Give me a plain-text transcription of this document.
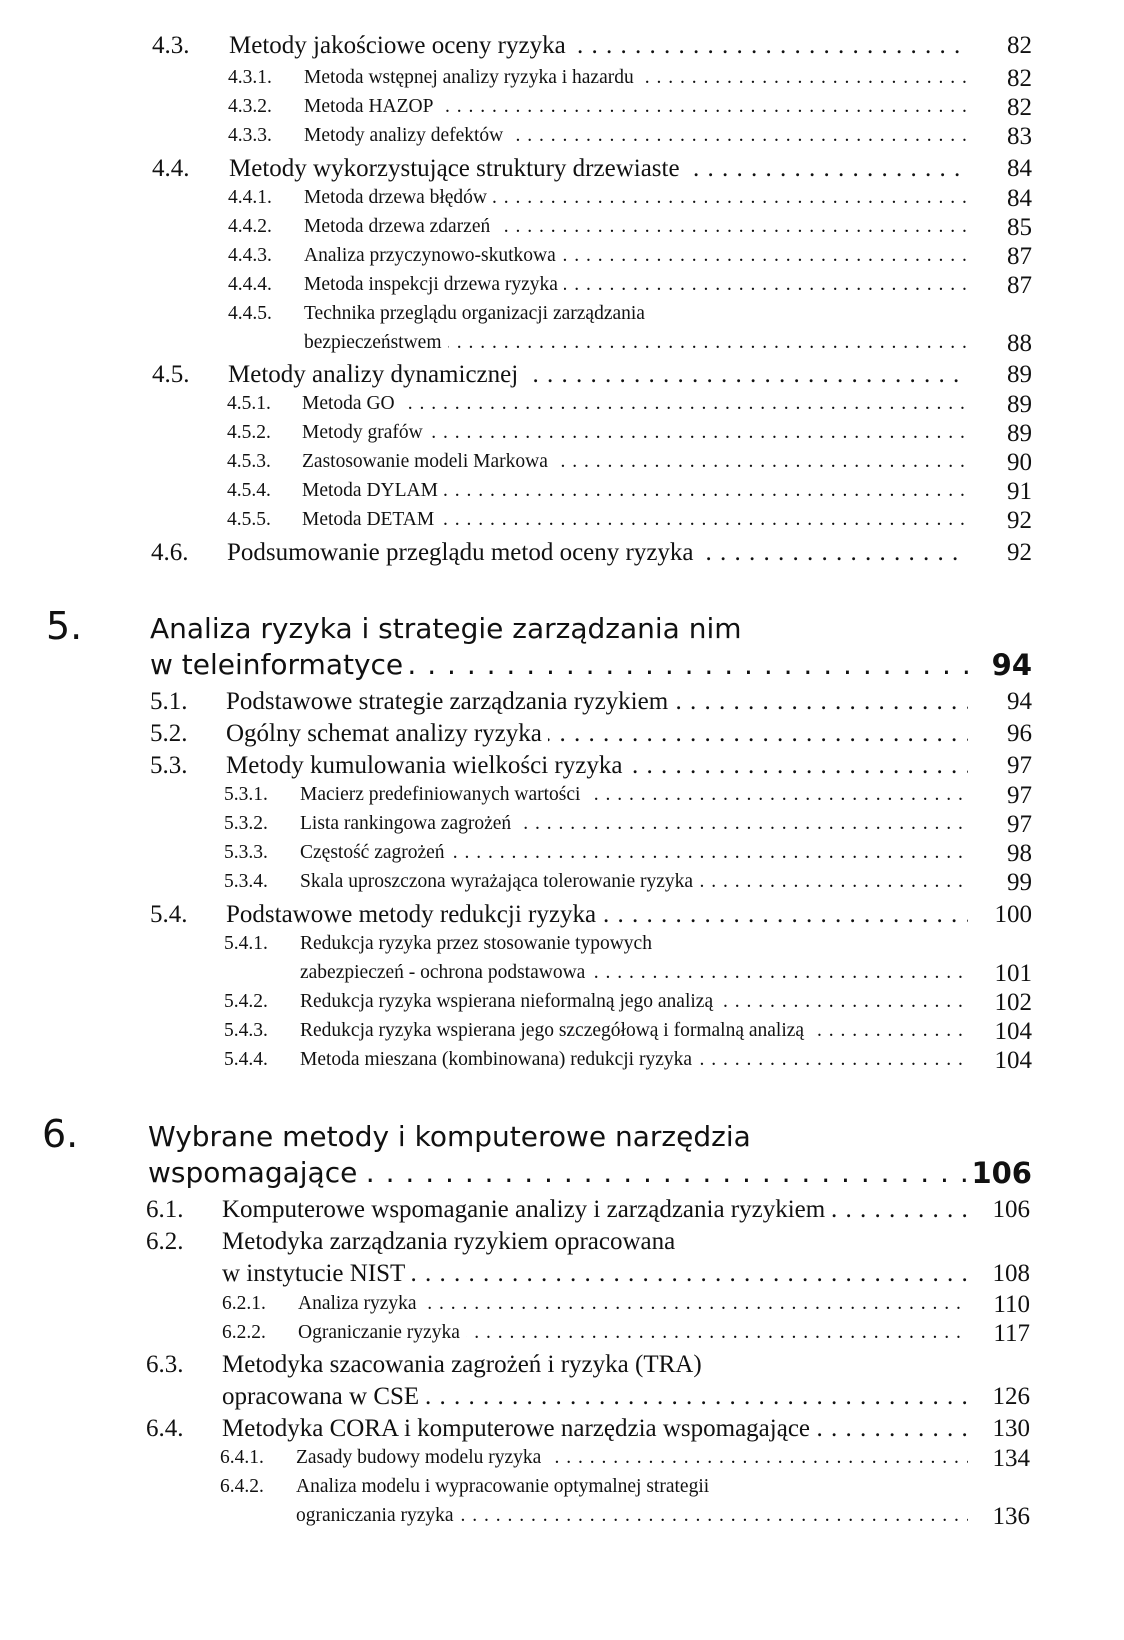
4.3. Metody jakościowe oceny ryzyka . . .	82
4.3.1. Metoda wstępnej analizy ryzyka i hazardu . . .	82
4.3.2. Metoda HAZOP . . .	82
4.3.3. Metody analizy defektów . . .	83
4.4. Metody wykorzystujące struktury drzewiaste . . .	84
4.4.1. Metoda drzewa błędów . . .	84
4.4.2. Metoda drzewa zdarzeń . . .	85
4.4.3. Analiza przyczynowo-skutkowa . . .	87
4.4.4. Metoda inspekcji drzewa ryzyka . . .	87
4.4.5. Technika przeglądu organizacji zarządzania
bezpieczeństwem . . .	88
4.5. Metody analizy dynamicznej . . .	89
4.5.1. Metoda GO . . .	89
4.5.2. Metody grafów . . .	89
4.5.3. Zastosowanie modeli Markowa . . .	90
4.5.4. Metoda DYLAM . . .	91
4.5.5. Metoda DETAM . . .	92
4.6. Podsumowanie przeglądu metod oceny ryzyka . . .	92
5. Analiza ryzyka i strategie zarządzania nim
w teleinformatyce . . .	94
5.1. Podstawowe strategie zarządzania ryzykiem . . .	94
5.2. Ogólny schemat analizy ryzyka . . .	96
5.3. Metody kumulowania wielkości ryzyka . . .	97
5.3.1. Macierz predefiniowanych wartości . . .	97
5.3.2. Lista rankingowa zagrożeń . . .	97
5.3.3. Częstość zagrożeń . . .	98
5.3.4. Skala uproszczona wyrażająca tolerowanie ryzyka . . .	99
5.4. Podstawowe metody redukcji ryzyka . . .	100
5.4.1. Redukcja ryzyka przez stosowanie typowych
zabezpieczeń - ochrona podstawowa . . .	101
5.4.2. Redukcja ryzyka wspierana nieformalną jego analizą . . .	102
5.4.3. Redukcja ryzyka wspierana jego szczegółową i formalną analizą . . .	104
5.4.4. Metoda mieszana (kombinowana) redukcji ryzyka . . .	104
6. Wybrane metody i komputerowe narzędzia
wspomagające . . .	106
6.1. Komputerowe wspomaganie analizy i zarządzania ryzykiem . . .	106
6.2. Metodyka zarządzania ryzykiem opracowana
w instytucie NIST . . .	108
6.2.1. Analiza ryzyka . . .	110
6.2.2. Ograniczanie ryzyka . . .	117
6.3. Metodyka szacowania zagrożeń i ryzyka (TRA)
opracowana w CSE . . .	126
6.4. Metodyka CORA i komputerowe narzędzia wspomagające . . .	130
6.4.1. Zasady budowy modelu ryzyka . . .	134
6.4.2. Analiza modelu i wypracowanie optymalnej strategii
ograniczania ryzyka . . .	136
